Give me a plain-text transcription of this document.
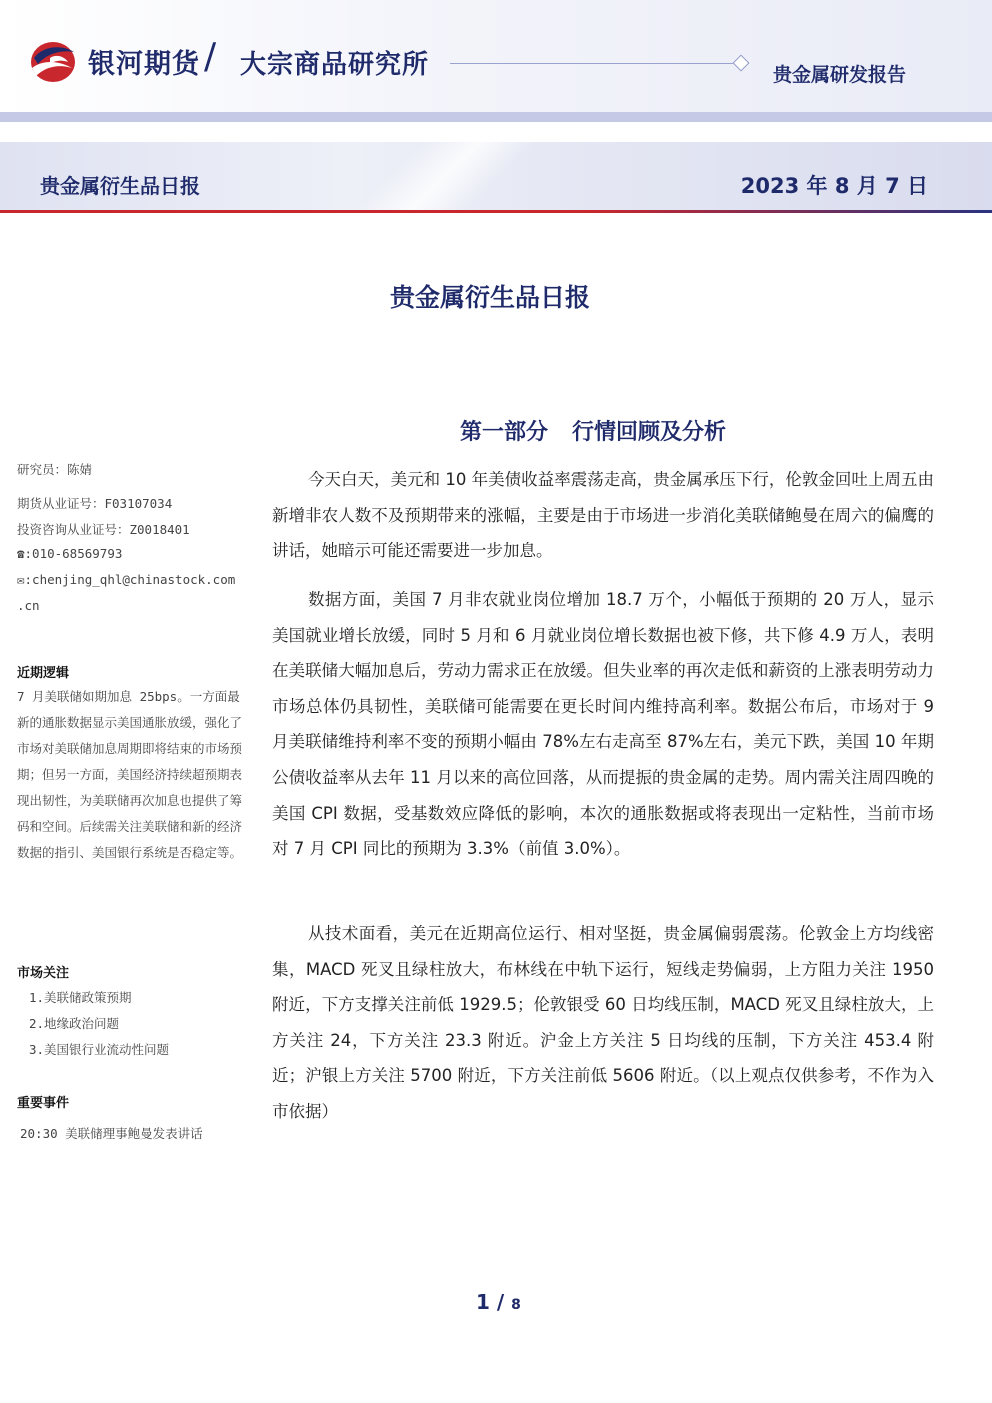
银河期货 / 大宗商品研究所	贵金属研发报告
贵金属衍生品日报	2023 年 8 月 7 日
贵金属衍生品日报
研究员：陈婧
期货从业证号：F03107034
投资咨询从业证号：Z0018401
☎:010-68569793
✉:chenjing_qhl@chinastock.com
.cn
近期逻辑
7 月美联储如期加息 25bps。一方面最新的通胀数据显示美国通胀放缓，强化了市场对美联储加息周期即将结束的市场预期；但另一方面，美国经济持续超预期表现出韧性，为美联储再次加息也提供了筹码和空间。后续需关注美联储和新的经济数据的指引、美国银行系统是否稳定等。
市场关注
1.美联储政策预期
2.地缘政治问题
3.美国银行业流动性问题
重要事件
20:30 美联储理事鲍曼发表讲话
第一部分 行情回顾及分析

今天白天，美元和 10 年美债收益率震荡走高，贵金属承压下行，伦敦金回吐上周五由新增非农人数不及预期带来的涨幅，主要是由于市场进一步消化美联储鲍曼在周六的偏鹰的讲话，她暗示可能还需要进一步加息。

数据方面，美国 7 月非农就业岗位增加 18.7 万个，小幅低于预期的 20 万人，显示美国就业增长放缓，同时 5 月和 6 月就业岗位增长数据也被下修，共下修 4.9 万人，表明在美联储大幅加息后，劳动力需求正在放缓。但失业率的再次走低和薪资的上涨表明劳动力市场总体仍具韧性，美联储可能需要在更长时间内维持高利率。数据公布后，市场对于 9 月美联储维持利率不变的预期小幅由 78%左右走高至 87%左右，美元下跌，美国 10 年期公债收益率从去年 11 月以来的高位回落，从而提振的贵金属的走势。周内需关注周四晚的美国 CPI 数据，受基数效应降低的影响，本次的通胀数据或将表现出一定粘性，当前市场对 7 月 CPI 同比的预期为 3.3%（前值 3.0%）。

从技术面看，美元在近期高位运行、相对坚挺，贵金属偏弱震荡。伦敦金上方均线密集，MACD 死叉且绿柱放大，布林线在中轨下运行，短线走势偏弱，上方阻力关注 1950 附近，下方支撑关注前低 1929.5；伦敦银受 60 日均线压制，MACD 死叉且绿柱放大，上方关注 24，下方关注 23.3 附近。沪金上方关注 5 日均线的压制，下方关注 453.4 附近；沪银上方关注 5700 附近，下方关注前低 5606 附近。（以上观点仅供参考，不作为入市依据）

1 / 8
